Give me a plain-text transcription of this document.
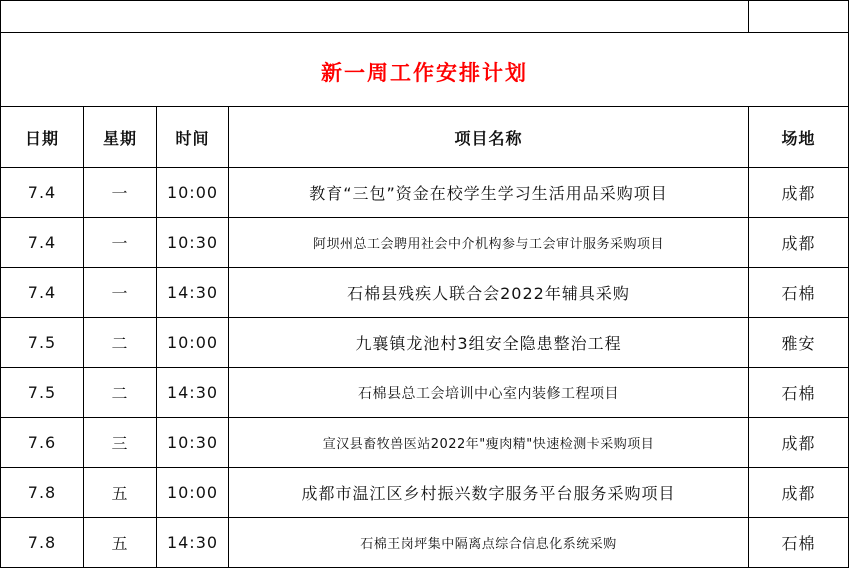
新一周工作安排计划				
日期	星期	时间	项目名称	场地
7.4	一	10:00	教育“三包”资金在校学生学习生活用品采购项目	成都
7.4	一	10:30	阿坝州总工会聘用社会中介机构参与工会审计服务采购项目	成都
7.4	一	14:30	石棉县残疾人联合会2022年辅具采购	石棉
7.5	二	10:00	九襄镇龙池村3组安全隐患整治工程	雅安
7.5	二	14:30	石棉县总工会培训中心室内装修工程项目	石棉
7.6	三	10:30	宣汉县畜牧兽医站2022年"瘦肉精"快速检测卡采购项目	成都
7.8	五	10:00	成都市温江区乡村振兴数字服务平台服务采购项目	成都
7.8	五	14:30	石棉王岗坪集中隔离点综合信息化系统采购	石棉
